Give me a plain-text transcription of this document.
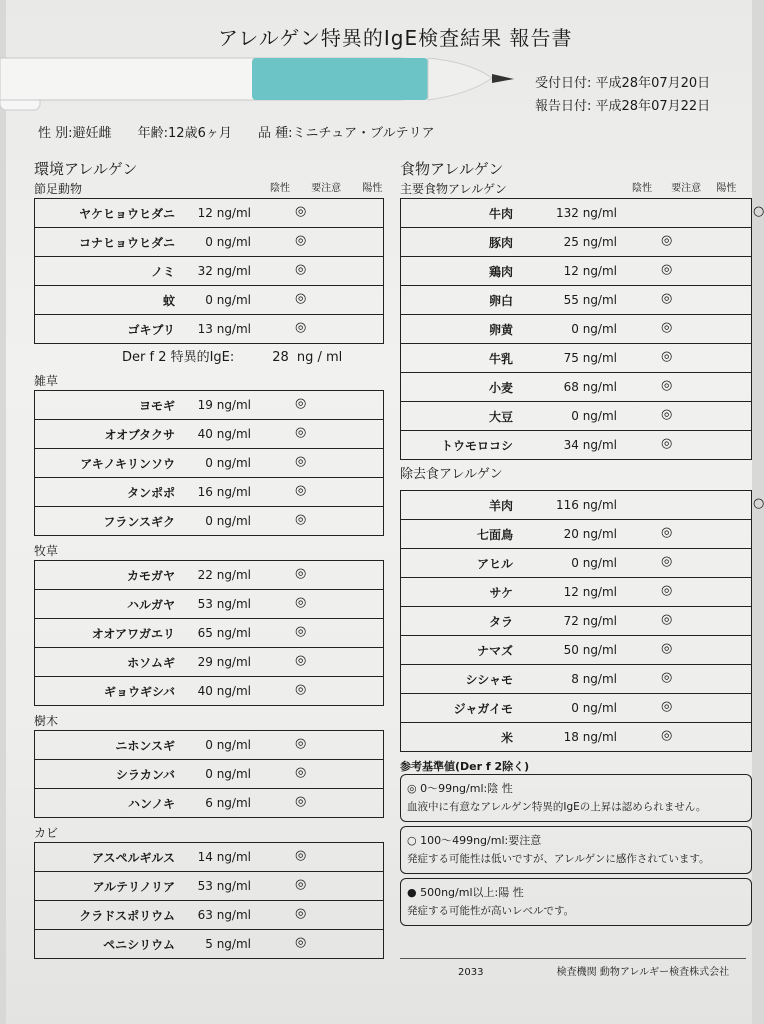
アレルゲン特異的IgE検査結果 報告書
受付日付: 平成28年07月20日
報告日付: 平成28年07月22日
性 別:避妊雌 年齢:12歳6ヶ月 品 種:ミニチュア・ブルテリア
環境アレルゲン
節足動物	陰性 要注意 陽性
ヤケヒョウヒダニ	12 ng/ml	◎

コナヒョウヒダニ	0 ng/ml	◎

ノミ	32 ng/ml	◎

蚊	0 ng/ml	◎

ゴキブリ	13 ng/ml	◎
Der f 2 特異的IgE:	28 ng / ml
雑草
ヨモギ	19 ng/ml	◎

オオブタクサ	40 ng/ml	◎

アキノキリンソウ	0 ng/ml	◎

タンポポ	16 ng/ml	◎

フランスギク	0 ng/ml	◎
牧草
カモガヤ	22 ng/ml	◎

ハルガヤ	53 ng/ml	◎

オオアワガエリ	65 ng/ml	◎

ホソムギ	29 ng/ml	◎

ギョウギシバ	40 ng/ml	◎
樹木
ニホンスギ	0 ng/ml	◎

シラカンバ	0 ng/ml	◎

ハンノキ	6 ng/ml	◎
カビ
アスペルギルス	14 ng/ml	◎

アルテリノリア	53 ng/ml	◎

クラドスポリウム	63 ng/ml	◎

ペニシリウム	5 ng/ml	◎
食物アレルゲン
主要食物アレルゲン	陰性 要注意 陽性
牛肉	132 ng/ml	○

豚肉	25 ng/ml	◎

鶏肉	12 ng/ml	◎

卵白	55 ng/ml	◎

卵黄	0 ng/ml	◎

牛乳	75 ng/ml	◎

小麦	68 ng/ml	◎

大豆	0 ng/ml	◎

トウモロコシ	34 ng/ml	◎
除去食アレルゲン
羊肉	116 ng/ml	○

七面鳥	20 ng/ml	◎

アヒル	0 ng/ml	◎

サケ	12 ng/ml	◎

タラ	72 ng/ml	◎

ナマズ	50 ng/ml	◎

シシャモ	8 ng/ml	◎

ジャガイモ	0 ng/ml	◎

米	18 ng/ml	◎
参考基準値(Der f 2除く)
◎ 0～99ng/ml:陰 性
血液中に有意なアレルゲン特異的IgEの上昇は認められません。
○ 100～499ng/ml:要注意
発症する可能性は低いですが、アレルゲンに感作されています。
● 500ng/ml以上:陽 性
発症する可能性が高いレベルです。
2033	検査機関 動物アレルギー検査株式会社
